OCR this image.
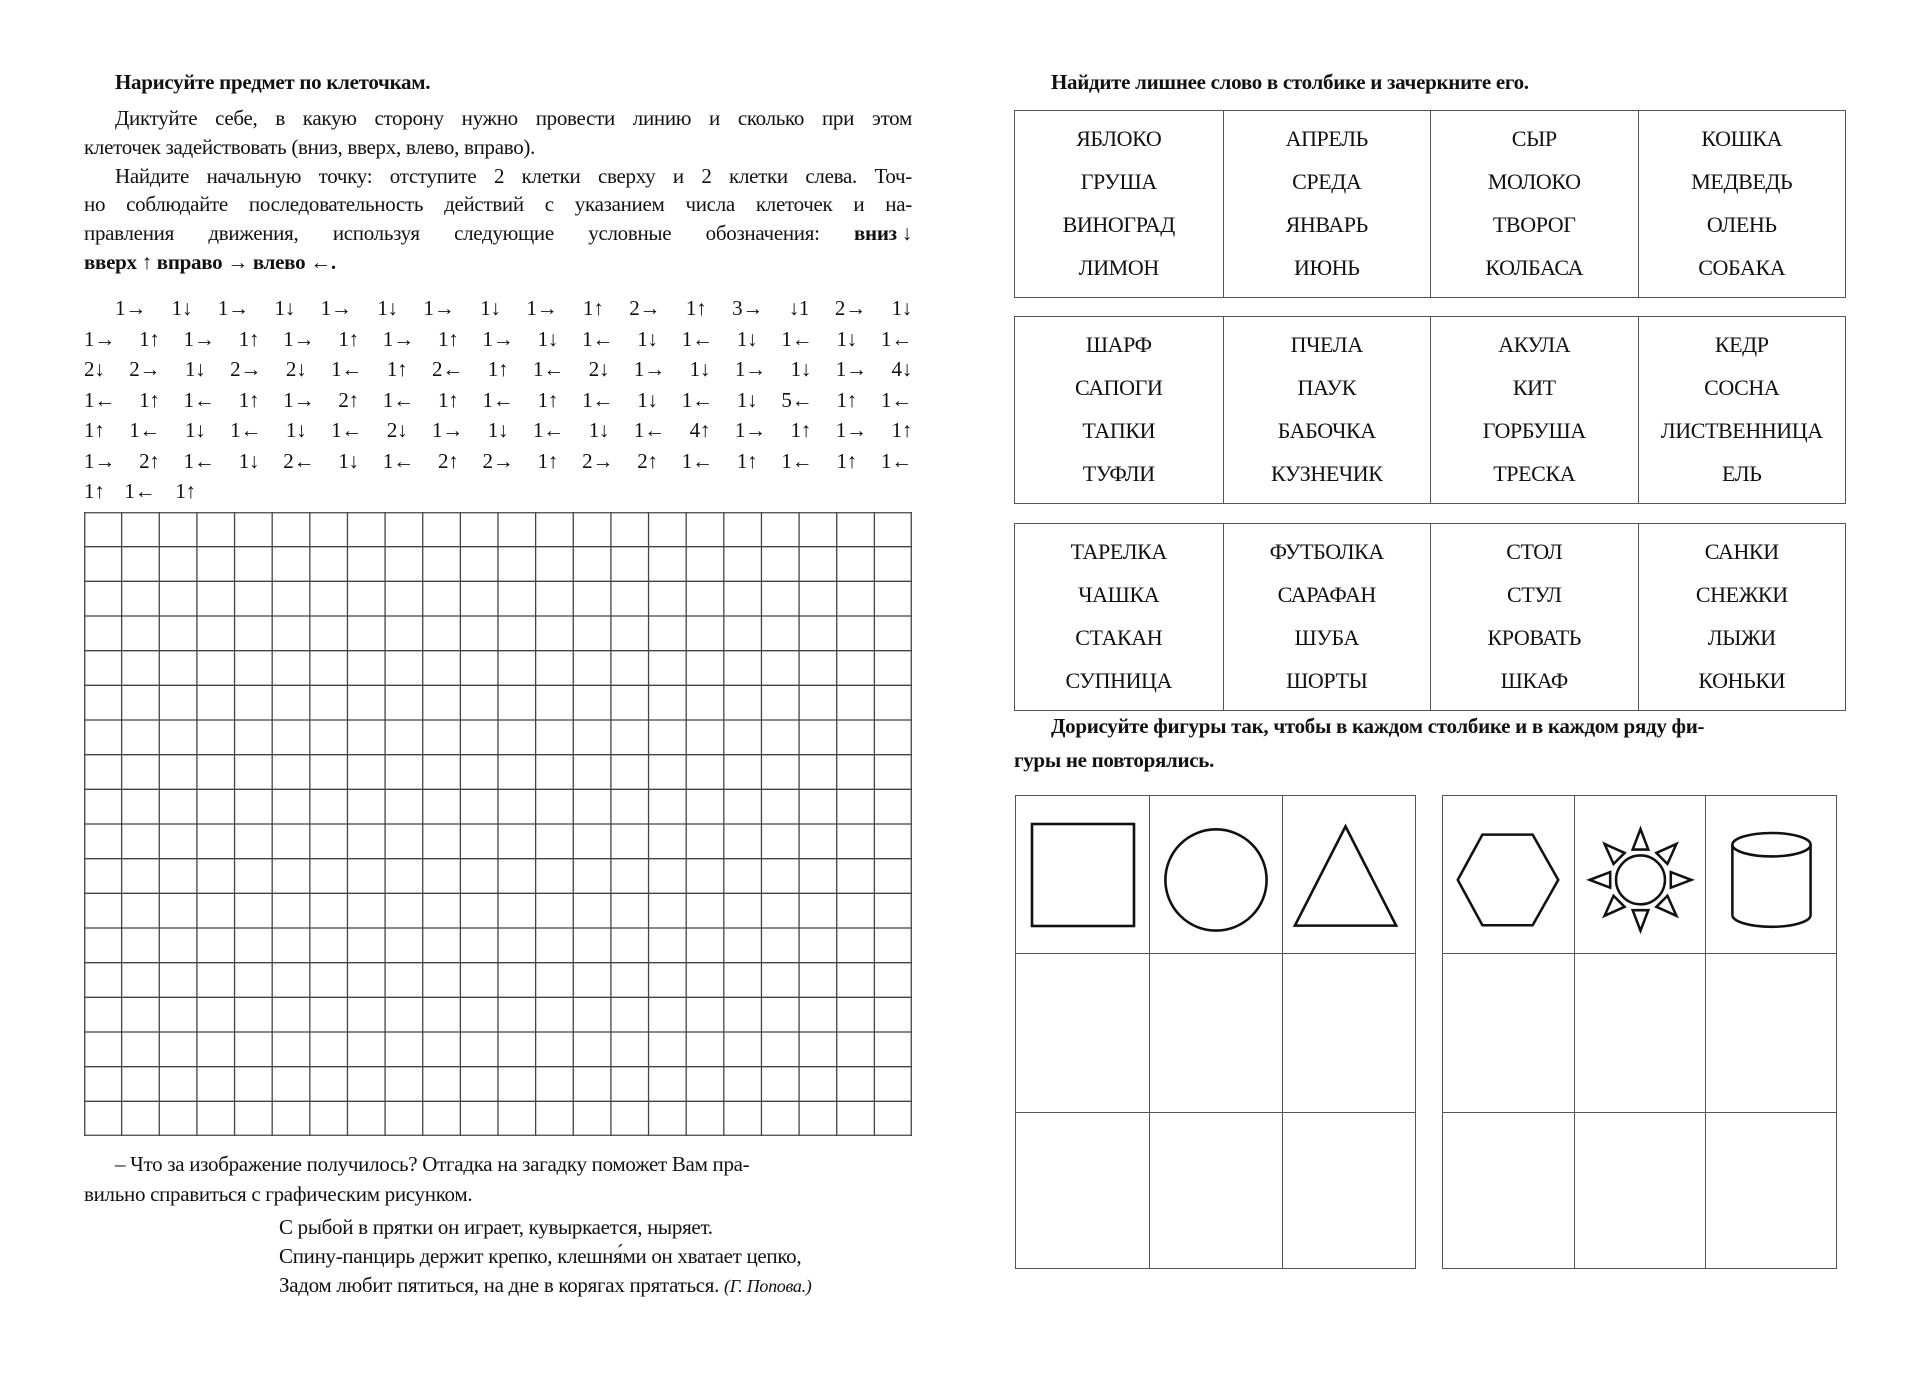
Нарисуйте предмет по клеточкам.
Диктуйте себе, в какую сторону нужно провести линию и сколько при этом
клеточек задействовать (вниз, вверх, влево, вправо).
Найдите начальную точку: отступите 2 клетки сверху и 2 клетки слева. Точ-
но соблюдайте последовательность действий с указанием числа клеточек и на-
правления движения, используя следующие условные обозначения: вниз ↓
вверх ↑ вправо → влево ←.
1→ 1↓ 1→ 1↓ 1→ 1↓ 1→ 1↓ 1→ 1↑ 2→ 1↑ 3→ ↓1 2→ 1↓
1→ 1↑ 1→ 1↑ 1→ 1↑ 1→ 1↑ 1→ 1↓ 1← 1↓ 1← 1↓ 1← 1↓ 1←
2↓ 2→ 1↓ 2→ 2↓ 1← 1↑ 2← 1↑ 1← 2↓ 1→ 1↓ 1→ 1↓ 1→ 4↓
1← 1↑ 1← 1↑ 1→ 2↑ 1← 1↑ 1← 1↑ 1← 1↓ 1← 1↓ 5← 1↑ 1←
1↑ 1← 1↓ 1← 1↓ 1← 2↓ 1→ 1↓ 1← 1↓ 1← 4↑ 1→ 1↑ 1→ 1↑
1→ 2↑ 1← 1↓ 2← 1↓ 1← 2↑ 2→ 1↑ 2→ 2↑ 1← 1↑ 1← 1↑ 1←
1↑ 1← 1↑
– Что за изображение получилось? Отгадка на загадку поможет Вам пра-
вильно справиться с графическим рисунком.
С рыбой в прятки он играет, кувыркается, ныряет.
Спину-панцирь держит крепко, клешня́ми он хватает цепко,
Задом любит пятиться, на дне в корягах прятаться. (Г. Попова.)
Найдите лишнее слово в столбике и зачеркните его.
ЯБЛОКО
ГРУША
ВИНОГРАД
ЛИМОН
АПРЕЛЬ
СРЕДА
ЯНВАРЬ
ИЮНЬ
СЫР
МОЛОКО
ТВОРОГ
КОЛБАСА
КОШКА
МЕДВЕДЬ
ОЛЕНЬ
СОБАКА
ШАРФ
САПОГИ
ТАПКИ
ТУФЛИ
ПЧЕЛА
ПАУК
БАБОЧКА
КУЗНЕЧИК
АКУЛА
КИТ
ГОРБУША
ТРЕСКА
КЕДР
СОСНА
ЛИСТВЕННИЦА
ЕЛЬ
ТАРЕЛКА
ЧАШКА
СТАКАН
СУПНИЦА
ФУТБОЛКА
САРАФАН
ШУБА
ШОРТЫ
СТОЛ
СТУЛ
КРОВАТЬ
ШКАФ
САНКИ
СНЕЖКИ
ЛЫЖИ
КОНЬКИ
Дорисуйте фигуры так, чтобы в каждом столбике и в каждом ряду фи-
гуры не повторялись.
